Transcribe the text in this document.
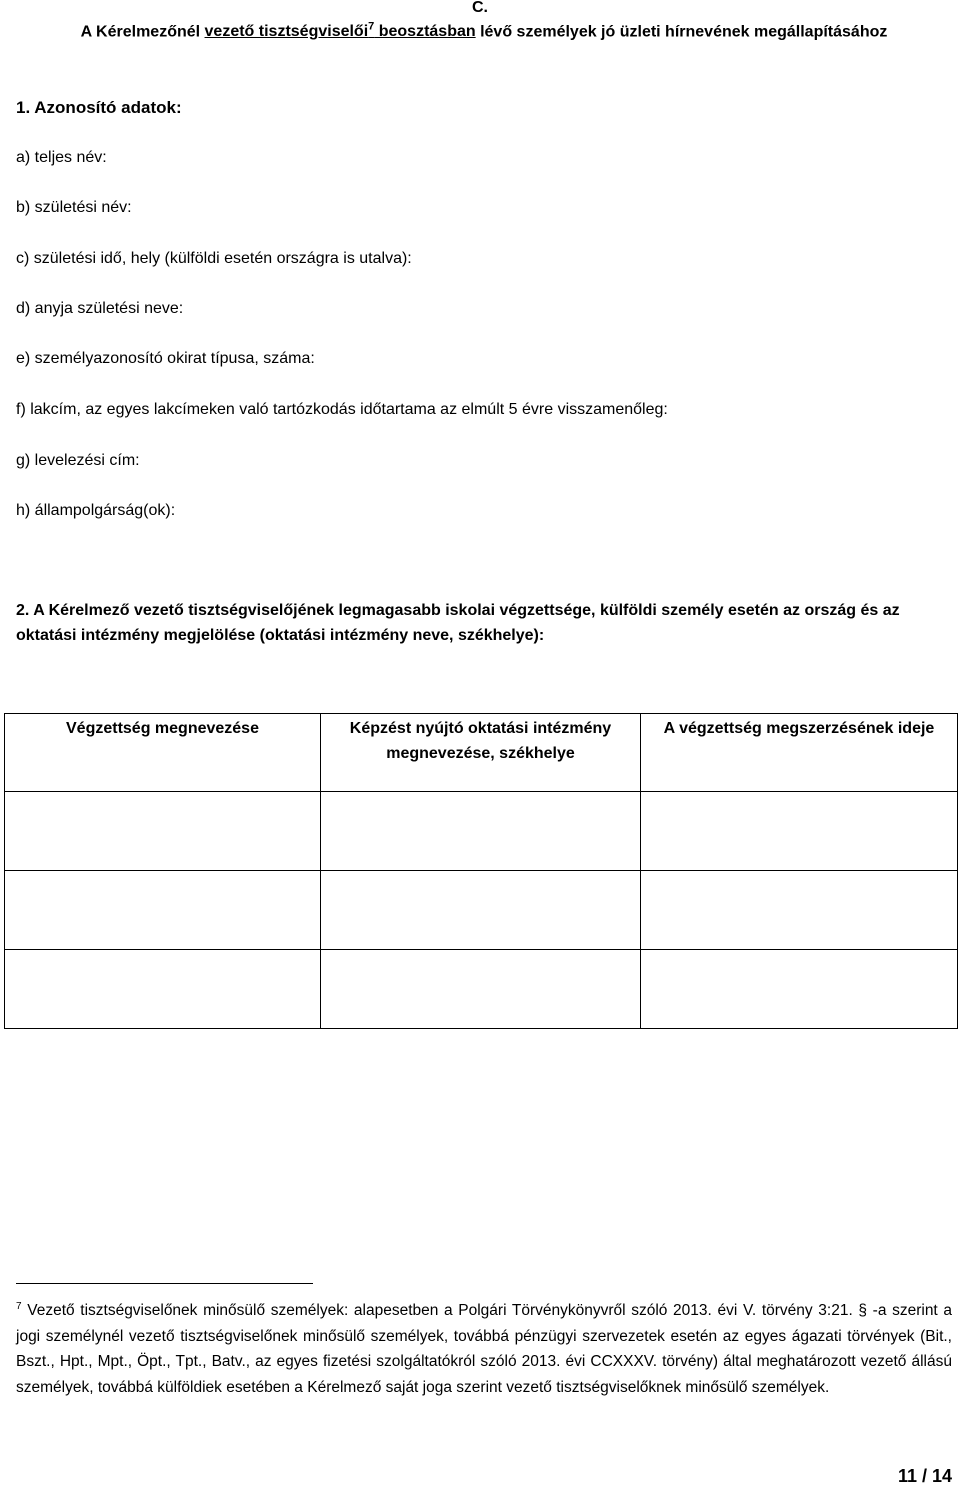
C.
A Kérelmezőnél vezető tisztségviselői$^7$ beosztásban lévő személyek jó üzleti hírnevének megállapításához
1. Azonosító adatok:
a) teljes név:
b) születési név:
c) születési idő, hely (külföldi esetén országra is utalva):
d) anyja születési neve:
e) személyazonosító okirat típusa, száma:
f) lakcím, az egyes lakcímeken való tartózkodás időtartama az elmúlt 5 évre visszamenőleg:
g) levelezési cím:
h) állampolgárság(ok):
2. A Kérelmező vezető tisztségviselőjének legmagasabb iskolai végzettsége, külföldi személy esetén az ország és az oktatási intézmény megjelölése (oktatási intézmény neve, székhelye):
Végzettség megnevezése	Képzést nyújtó oktatási intézmény megnevezése, székhelye	A végzettség megszerzésének ideje

$^7$ Vezető tisztségviselőnek minősülő személyek: alapesetben a Polgári Törvénykönyvről szóló 2013. évi V. törvény 3:21. § -a szerint a jogi személynél vezető tisztségviselőnek minősülő személyek, továbbá pénzügyi szervezetek esetén az egyes ágazati törvények (Bit., Bszt., Hpt., Mpt., Öpt., Tpt., Batv., az egyes fizetési szolgáltatókról szóló 2013. évi CCXXXV. törvény) által meghatározott vezető állású személyek, továbbá külföldiek esetében a Kérelmező saját joga szerint vezető tisztségviselőknek minősülő személyek.
11 / 14
